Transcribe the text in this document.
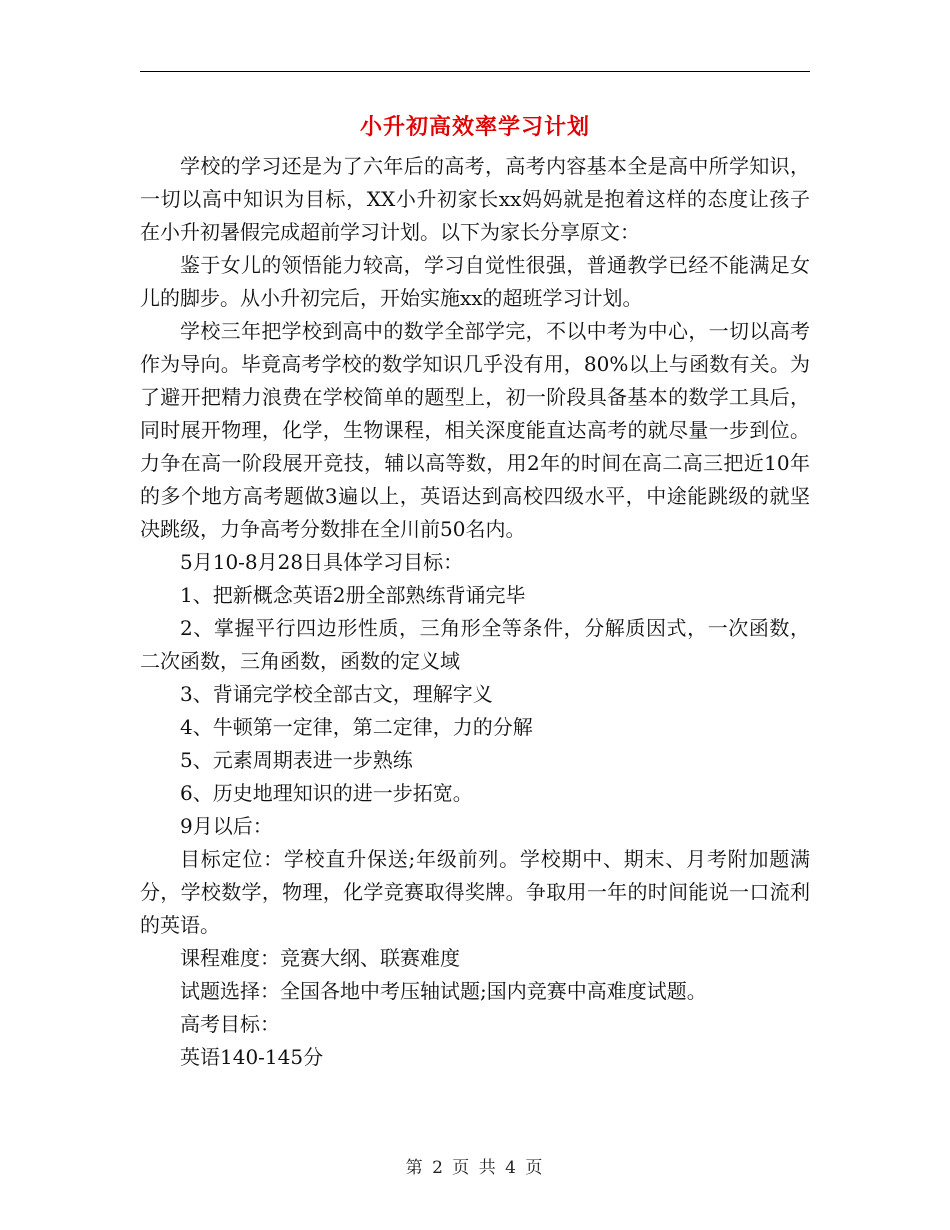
小升初高效率学习计划

学校的学习还是为了六年后的高考，高考内容基本全是高中所学知识，一切以高中知识为目标，XX小升初家长xx妈妈就是抱着这样的态度让孩子在小升初暑假完成超前学习计划。以下为家长分享原文：

鉴于女儿的领悟能力较高，学习自觉性很强，普通教学已经不能满足女儿的脚步。从小升初完后，开始实施xx的超班学习计划。

学校三年把学校到高中的数学全部学完，不以中考为中心，一切以高考作为导向。毕竟高考学校的数学知识几乎没有用，80%以上与函数有关。为了避开把精力浪费在学校简单的题型上，初一阶段具备基本的数学工具后，同时展开物理，化学，生物课程，相关深度能直达高考的就尽量一步到位。力争在高一阶段展开竞技，辅以高等数，用2年的时间在高二高三把近10年的多个地方高考题做3遍以上，英语达到高校四级水平，中途能跳级的就坚决跳级，力争高考分数排在全川前50名内。

5月10-8月28日具体学习目标：

1、把新概念英语2册全部熟练背诵完毕

2、掌握平行四边形性质，三角形全等条件，分解质因式，一次函数，二次函数，三角函数，函数的定义域

3、背诵完学校全部古文，理解字义

4、牛顿第一定律，第二定律，力的分解

5、元素周期表进一步熟练

6、历史地理知识的进一步拓宽。

9月以后：

目标定位：学校直升保送;年级前列。学校期中、期末、月考附加题满分，学校数学，物理，化学竞赛取得奖牌。争取用一年的时间能说一口流利的英语。

课程难度：竞赛大纲、联赛难度

试题选择：全国各地中考压轴试题;国内竞赛中高难度试题。

高考目标：

英语140-145分

第 2 页 共 4 页
